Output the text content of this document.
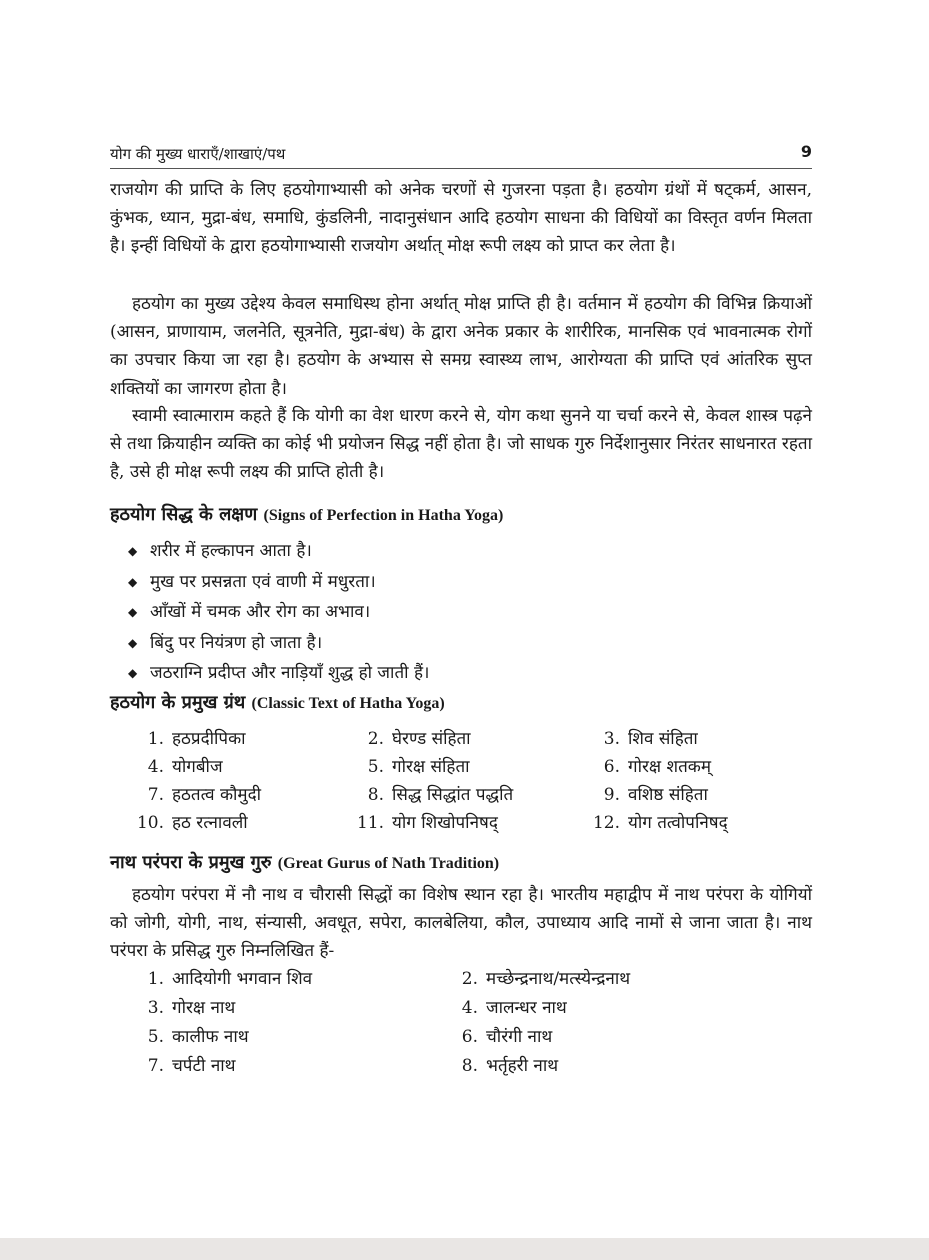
योग की मुख्य धाराएँ/शाखाएं/पथ	9
राजयोग की प्राप्ति के लिए हठयोगाभ्यासी को अनेक चरणों से गुजरना पड़ता है। हठयोग ग्रंथों में षट्कर्म, आसन, कुंभक, ध्यान, मुद्रा-बंध, समाधि, कुंडलिनी, नादानुसंधान आदि हठयोग साधना की विधियों का विस्तृत वर्णन मिलता है। इन्हीं विधियों के द्वारा हठयोगाभ्यासी राजयोग अर्थात् मोक्ष रूपी लक्ष्य को प्राप्त कर लेता है।
हठयोग का मुख्य उद्देश्य केवल समाधिस्थ होना अर्थात् मोक्ष प्राप्ति ही है। वर्तमान में हठयोग की विभिन्न क्रियाओं (आसन, प्राणायाम, जलनेति, सूत्रनेति, मुद्रा-बंध) के द्वारा अनेक प्रकार के शारीरिक, मानसिक एवं भावनात्मक रोगों का उपचार किया जा रहा है। हठयोग के अभ्यास से समग्र स्वास्थ्य लाभ, आरोग्यता की प्राप्ति एवं आंतरिक सुप्त शक्तियों का जागरण होता है।
स्वामी स्वात्माराम कहते हैं कि योगी का वेश धारण करने से, योग कथा सुनने या चर्चा करने से, केवल शास्त्र पढ़ने से तथा क्रियाहीन व्यक्ति का कोई भी प्रयोजन सिद्ध नहीं होता है। जो साधक गुरु निर्देशानुसार निरंतर साधनारत रहता है, उसे ही मोक्ष रूपी लक्ष्य की प्राप्ति होती है।
हठयोग सिद्ध के लक्षण (Signs of Perfection in Hatha Yoga)
◆ शरीर में हल्कापन आता है।
◆ मुख पर प्रसन्नता एवं वाणी में मधुरता।
◆ आँखों में चमक और रोग का अभाव।
◆ बिंदु पर नियंत्रण हो जाता है।
◆ जठराग्नि प्रदीप्त और नाड़ियाँ शुद्ध हो जाती हैं।
हठयोग के प्रमुख ग्रंथ (Classic Text of Hatha Yoga)
1. हठप्रदीपिका	2. घेरण्ड संहिता	3. शिव संहिता
4. योगबीज	5. गोरक्ष संहिता	6. गोरक्ष शतकम्
7. हठतत्व कौमुदी	8. सिद्ध सिद्धांत पद्धति	9. वशिष्ठ संहिता
10. हठ रत्नावली	11. योग शिखोपनिषद्	12. योग तत्वोपनिषद्
नाथ परंपरा के प्रमुख गुरु (Great Gurus of Nath Tradition)
हठयोग परंपरा में नौ नाथ व चौरासी सिद्धों का विशेष स्थान रहा है। भारतीय महाद्वीप में नाथ परंपरा के योगियों को जोगी, योगी, नाथ, संन्यासी, अवधूत, सपेरा, कालबेलिया, कौल, उपाध्याय आदि नामों से जाना जाता है। नाथ परंपरा के प्रसिद्ध गुरु निम्नलिखित हैं-
1. आदियोगी भगवान शिव	2. मच्छेन्द्रनाथ/मत्स्येन्द्रनाथ
3. गोरक्ष नाथ	4. जालन्धर नाथ
5. कालीफ नाथ	6. चौरंगी नाथ
7. चर्पटी नाथ	8. भर्तृहरी नाथ
